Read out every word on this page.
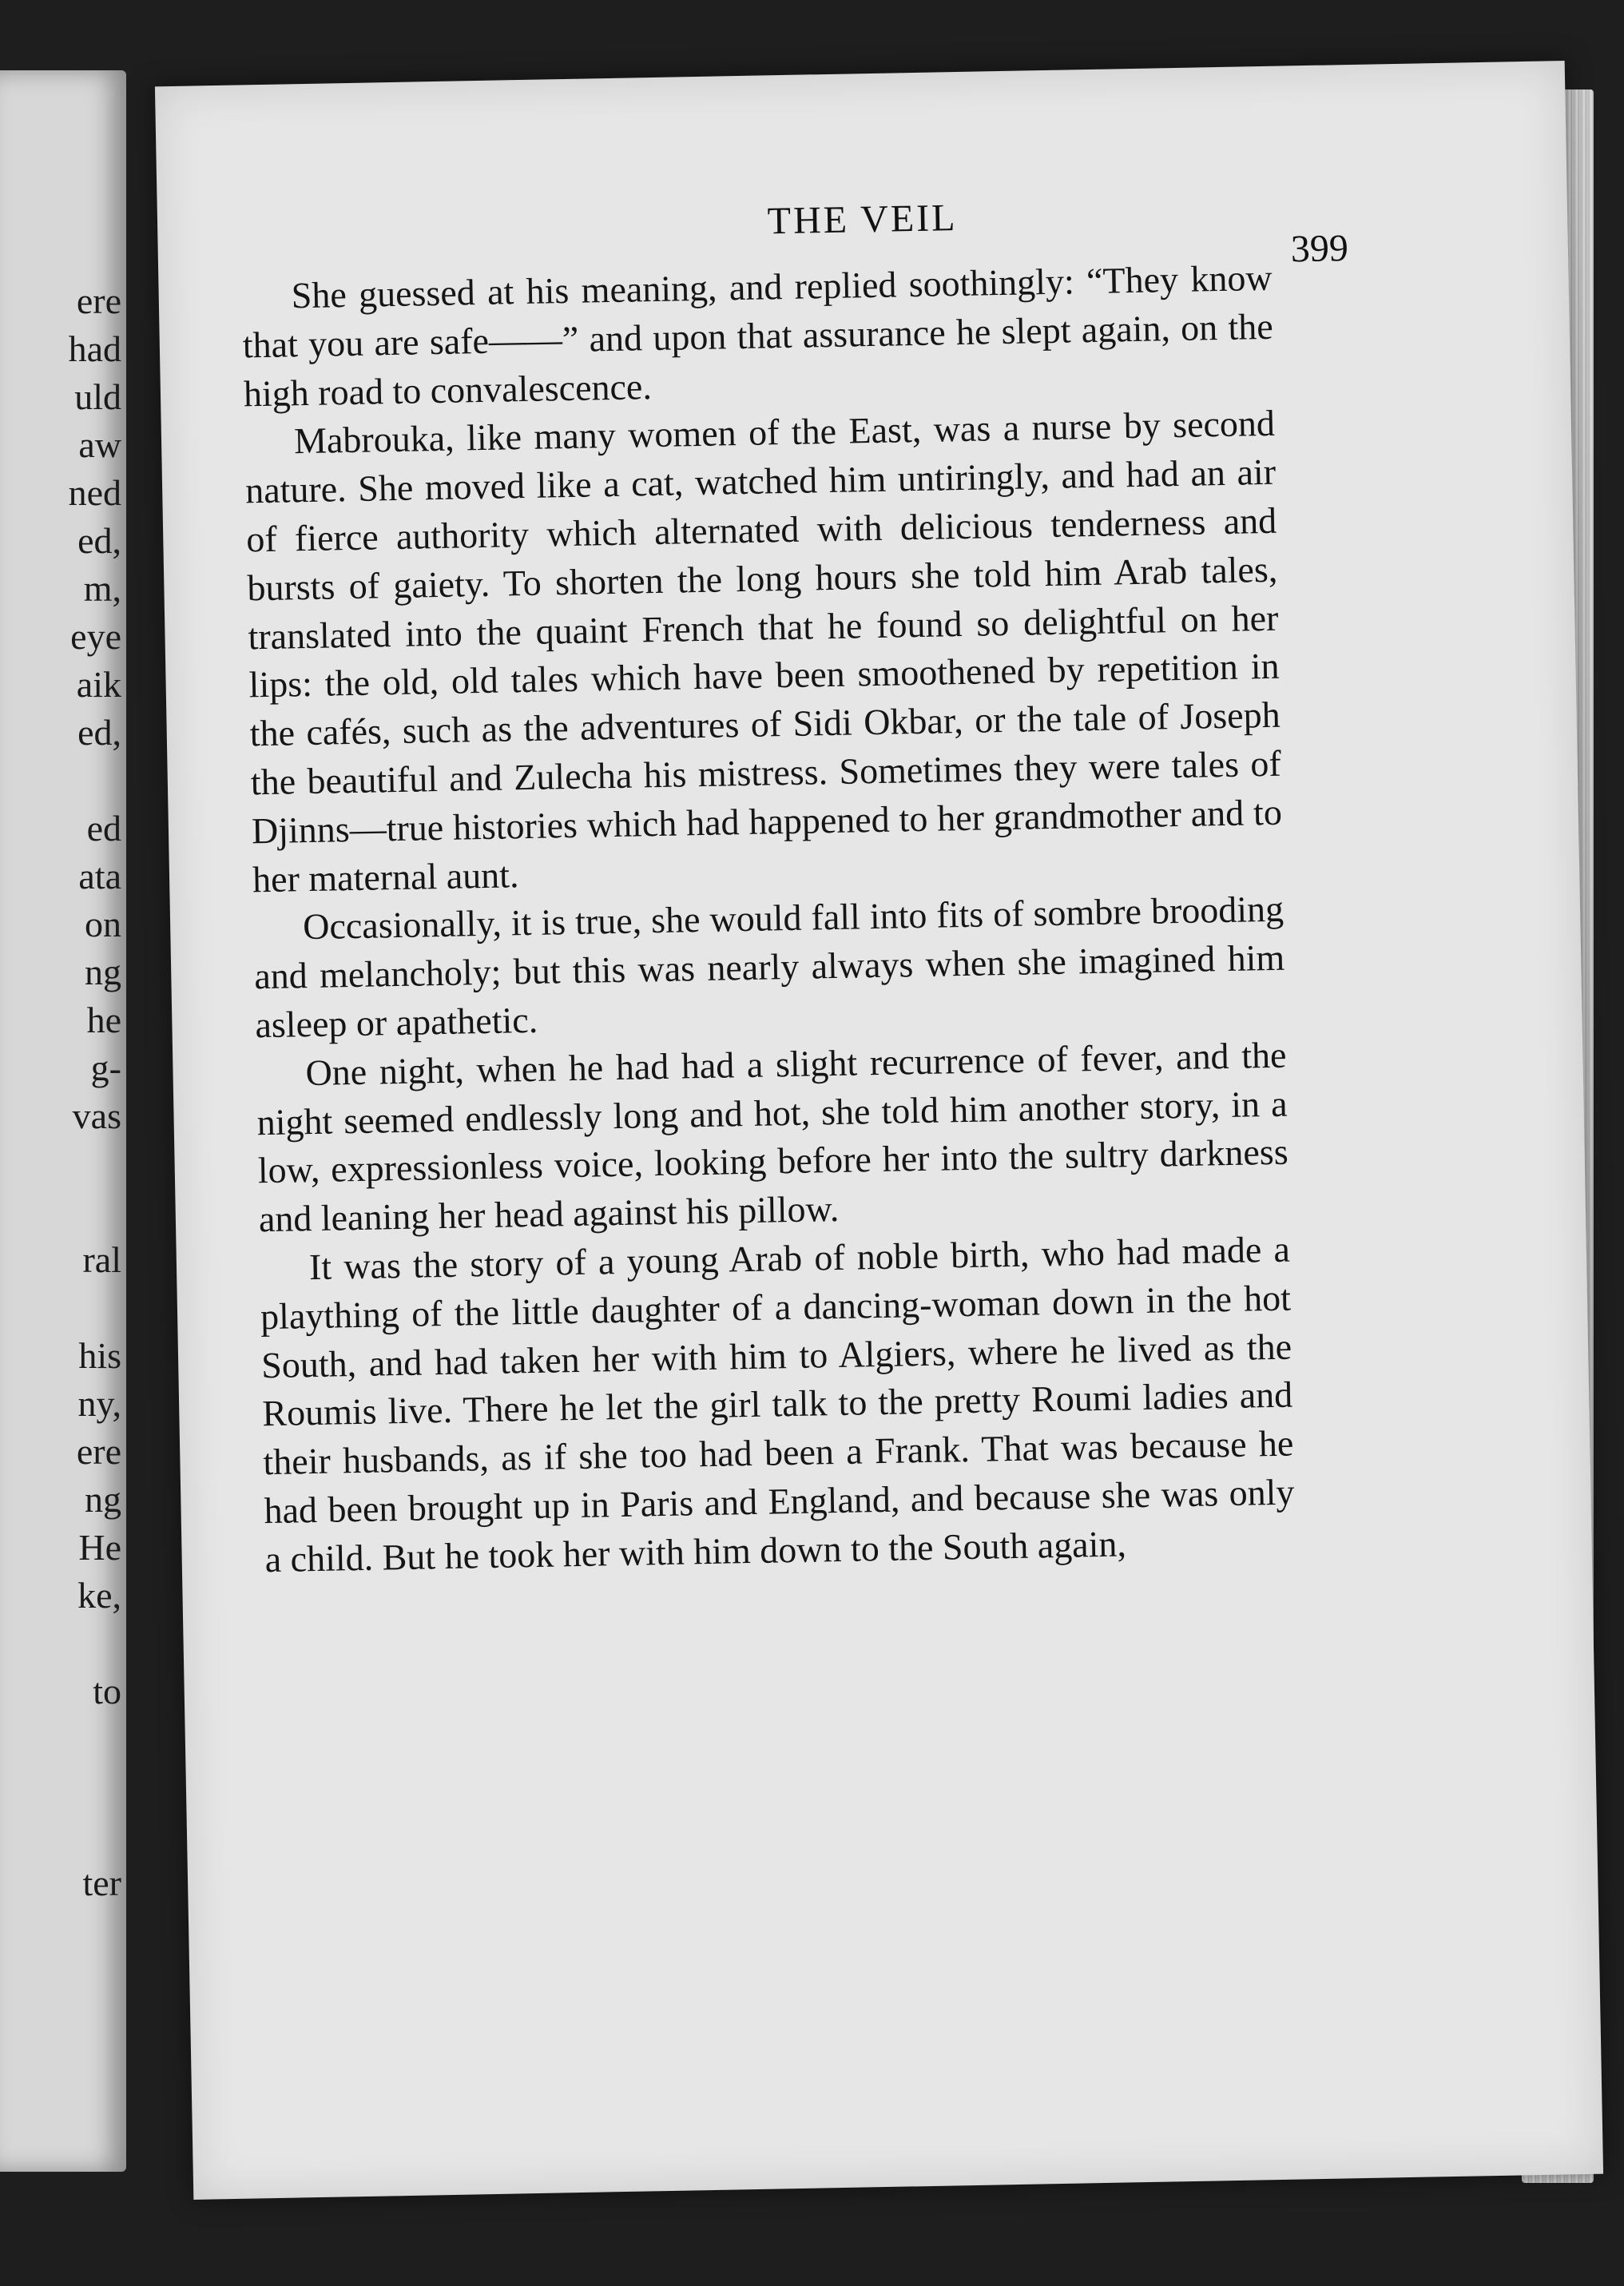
ere
had
uld
aw
ned
ed,
m,
eye
aik
ed,
ed
ata
on
ng
he
g-
vas
ral
his
ny,
ere
ng
He
ke,
to
ter
THE VEIL
399

She guessed at his meaning, and replied soothingly: “They know that you are safe——” and upon that assurance he slept again, on the high road to convalescence.

Mabrouka, like many women of the East, was a nurse by second nature. She moved like a cat, watched him untiringly, and had an air of fierce authority which alternated with delicious tenderness and bursts of gaiety. To shorten the long hours she told him Arab tales, translated into the quaint French that he found so delightful on her lips: the old, old tales which have been smoothened by repetition in the cafés, such as the adventures of Sidi Okbar, or the tale of Joseph the beautiful and Zulecha his mistress. Sometimes they were tales of Djinns—true histories which had happened to her grandmother and to her maternal aunt.

Occasionally, it is true, she would fall into fits of sombre brooding and melancholy; but this was nearly always when she imagined him asleep or apathetic.

One night, when he had had a slight recurrence of fever, and the night seemed endlessly long and hot, she told him another story, in a low, expressionless voice, looking before her into the sultry darkness and leaning her head against his pillow.

It was the story of a young Arab of noble birth, who had made a plaything of the little daughter of a dancing-woman down in the hot South, and had taken her with him to Algiers, where he lived as the Roumis live. There he let the girl talk to the pretty Roumi ladies and their husbands, as if she too had been a Frank. That was because he had been brought up in Paris and England, and because she was only a child. But he took her with him down to the South again,
